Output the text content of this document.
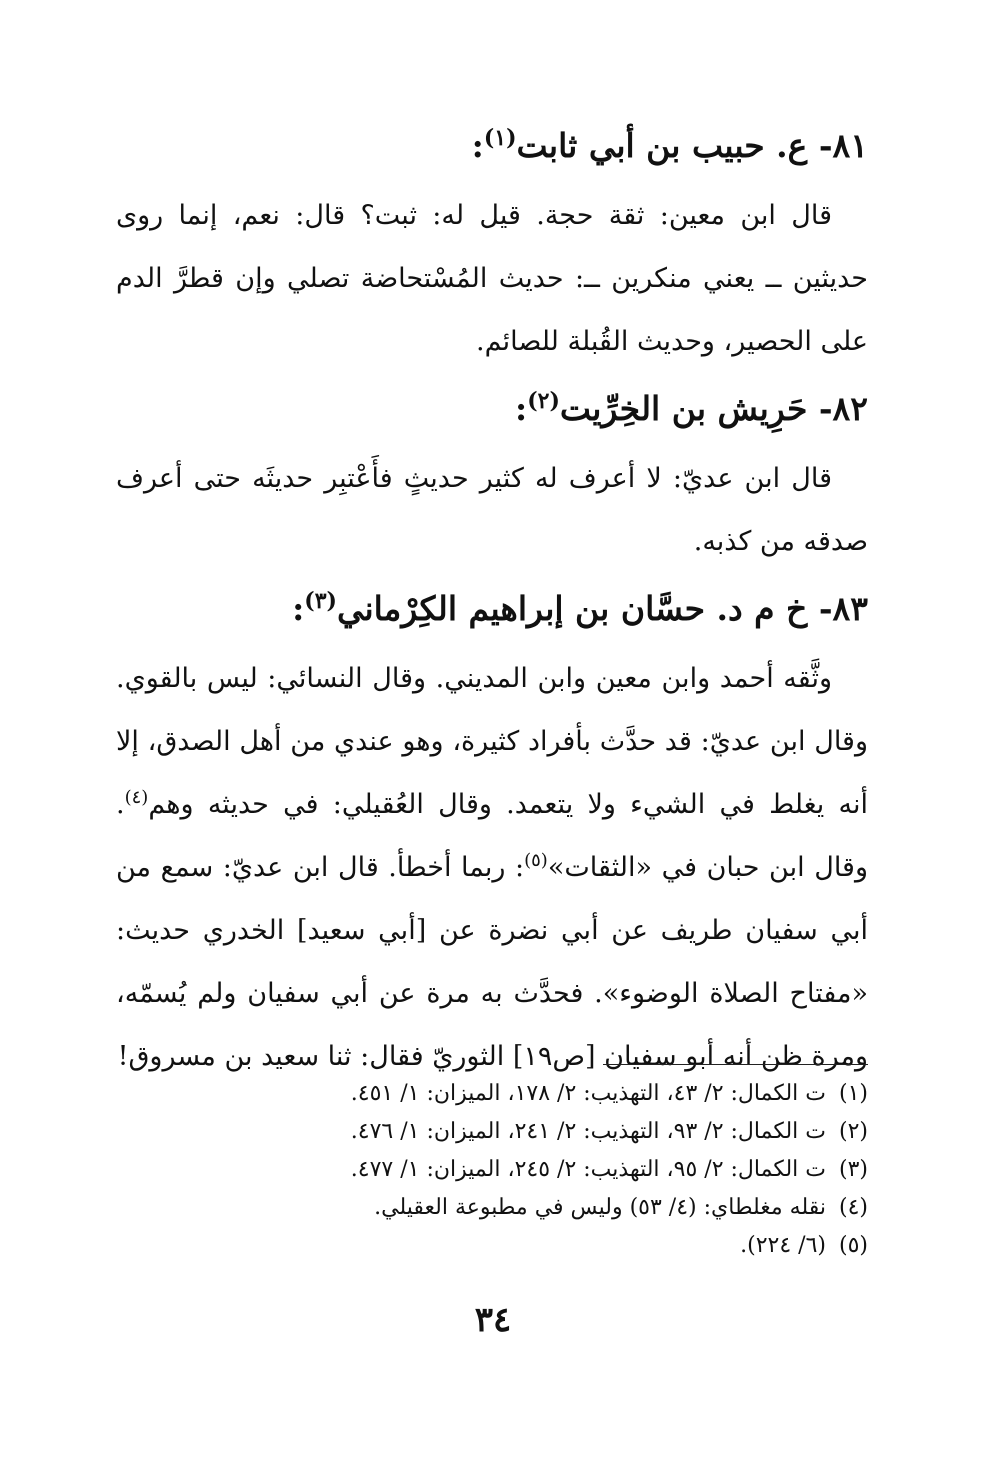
٨١- ع. حبيب بن أبي ثابت$^{(١)}$:

قال ابن معين: ثقة حجة. قيل له: ثبت؟ قال: نعم، إنما روى حديثين ــ يعني منكرين ــ: حديث المُسْتحاضة تصلي وإن قطرَّ الدم على الحصير، وحديث القُبلة للصائم.

٨٢- حَرِيش بن الخِرِّيت$^{(٢)}$:

قال ابن عديّ: لا أعرف له كثير حديثٍ فأَعْتبِر حديثَه حتى أعرف صدقه من كذبه.

٨٣- خ م د. حسَّان بن إبراهيم الكِرْماني$^{(٣)}$:

وثَّقه أحمد وابن معين وابن المديني. وقال النسائي: ليس بالقوي. وقال ابن عديّ: قد حدَّث بأفراد كثيرة، وهو عندي من أهل الصدق، إلا أنه يغلط في الشيء ولا يتعمد. وقال العُقيلي: في حديثه وهم$^{(٤)}$. وقال ابن حبان في «الثقات»$^{(٥)}$: ربما أخطأ. قال ابن عديّ: سمع من أبي سفيان طريف عن أبي نضرة عن [أبي سعيد] الخدري حديث: «مفتاح الصلاة الوضوء». فحدَّث به مرة عن أبي سفيان ولم يُسمّه، ومرة ظن أنه أبو سفيان [ص١٩] الثوريّ فقال: ثنا سعيد بن مسروق!

(١)ت الكمال: ٢/ ٤٣، التهذيب: ٢/ ١٧٨، الميزان: ١/ ٤٥١.
(٢)ت الكمال: ٢/ ٩٣، التهذيب: ٢/ ٢٤١، الميزان: ١/ ٤٧٦.
(٣)ت الكمال: ٢/ ٩٥، التهذيب: ٢/ ٢٤٥، الميزان: ١/ ٤٧٧.
(٤)نقله مغلطاي: (٤/ ٥٣) وليس في مطبوعة العقيلي.
(٥)(٦/ ٢٢٤).
٣٤
